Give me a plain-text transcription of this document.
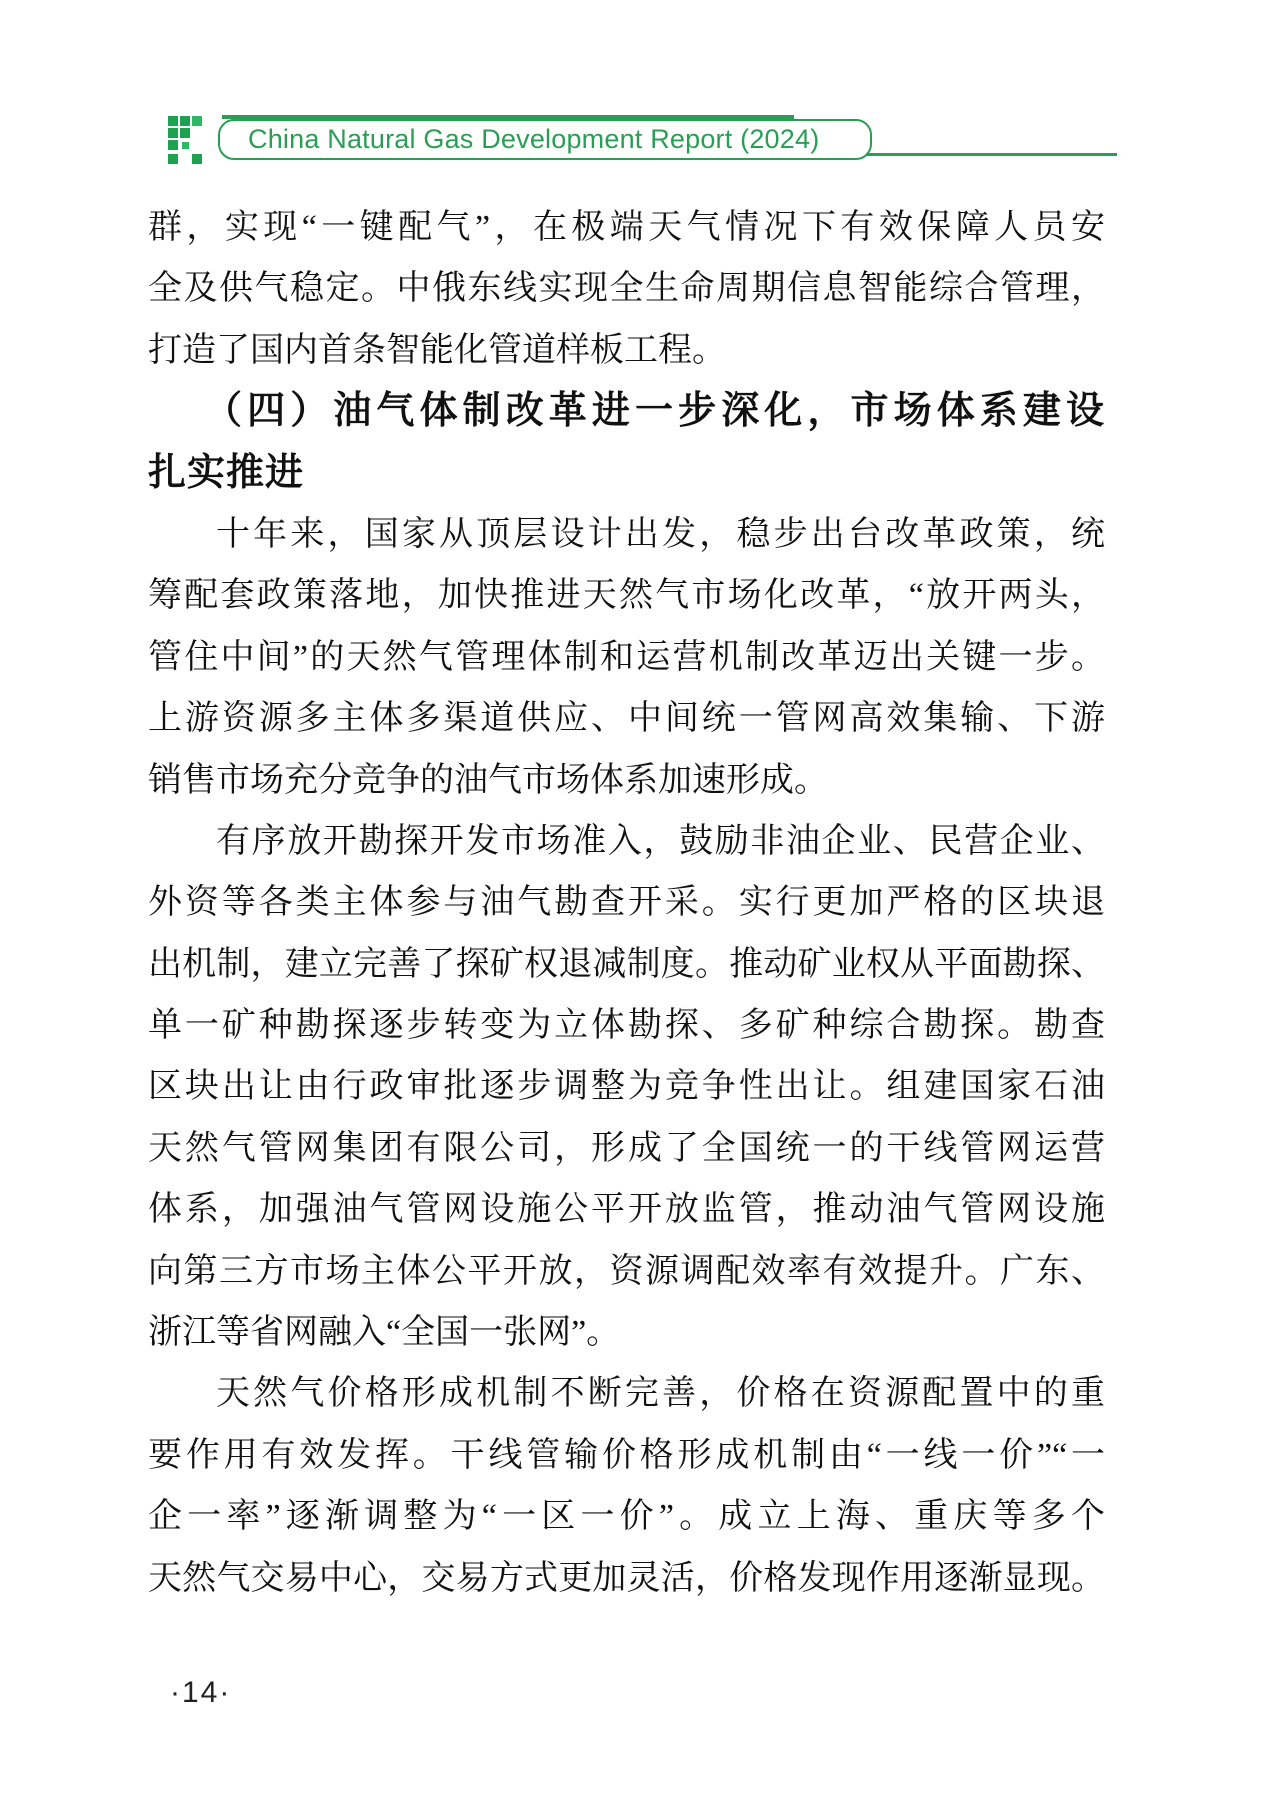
China Natural Gas Development Report (2024)
群，实现“一键配气”，在极端天气情况下有效保障人员安
全及供气稳定。中俄东线实现全生命周期信息智能综合管理，
打造了国内首条智能化管道样板工程。
（四）油气体制改革进一步深化，市场体系建设
扎实推进
十年来，国家从顶层设计出发，稳步出台改革政策，统
筹配套政策落地，加快推进天然气市场化改革，“放开两头，
管住中间”的天然气管理体制和运营机制改革迈出关键一步。
上游资源多主体多渠道供应、中间统一管网高效集输、下游
销售市场充分竞争的油气市场体系加速形成。
有序放开勘探开发市场准入，鼓励非油企业、民营企业、
外资等各类主体参与油气勘查开采。实行更加严格的区块退
出机制，建立完善了探矿权退减制度。推动矿业权从平面勘探、
单一矿种勘探逐步转变为立体勘探、多矿种综合勘探。勘查
区块出让由行政审批逐步调整为竞争性出让。组建国家石油
天然气管网集团有限公司，形成了全国统一的干线管网运营
体系，加强油气管网设施公平开放监管，推动油气管网设施
向第三方市场主体公平开放，资源调配效率有效提升。广东、
浙江等省网融入“全国一张网”。
天然气价格形成机制不断完善，价格在资源配置中的重
要作用有效发挥。干线管输价格形成机制由“一线一价”“一
企一率”逐渐调整为“一区一价”。成立上海、重庆等多个
天然气交易中心，交易方式更加灵活，价格发现作用逐渐显现。
·14·
